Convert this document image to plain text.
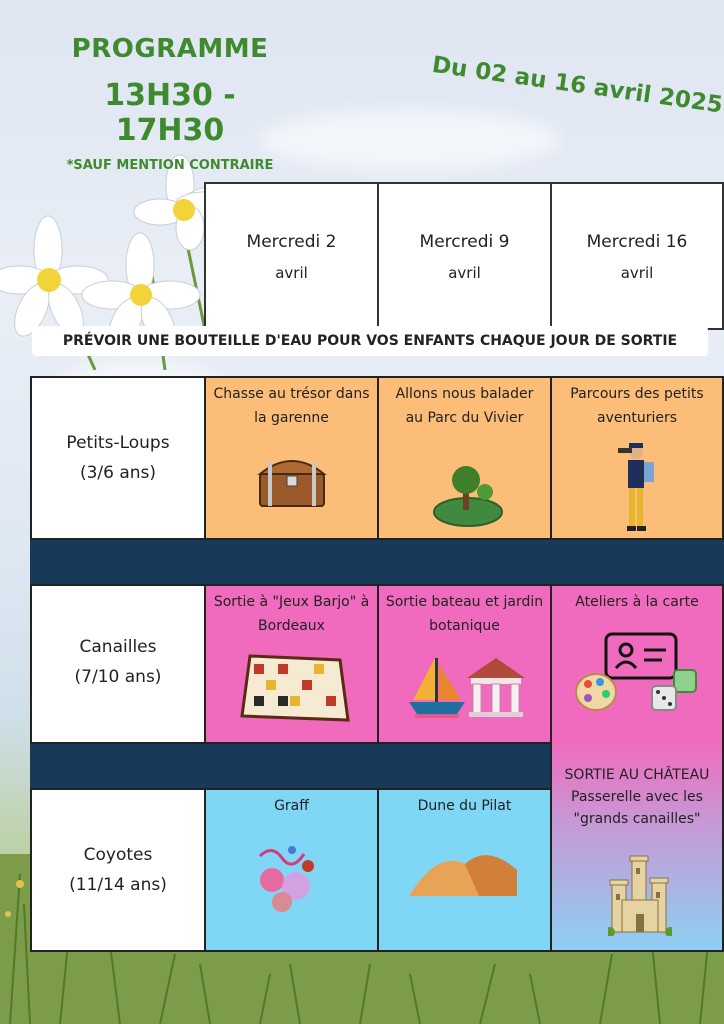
PROGRAMME
13H30 - 17H30
*SAUF MENTION CONTRAIRE
Du 02 au 16 avril 2025
Mercredi 2
avril
Mercredi 9
avril
Mercredi 16
avril
PRÉVOIR UNE BOUTEILLE D'EAU POUR VOS ENFANTS CHAQUE JOUR DE SORTIE
Petits-Loups
(3/6 ans)
Chasse au trésor dans la garenne
Allons nous balader au Parc du Vivier
Parcours des petits aventuriers
Canailles
(7/10 ans)
Sortie à "Jeux Barjo" à Bordeaux
Sortie bateau et jardin botanique
Ateliers à la carte
Coyotes
(11/14 ans)
Graff	Dune du Pilat
SORTIE AU CHÂTEAU
Passerelle avec les
"grands canailles"
